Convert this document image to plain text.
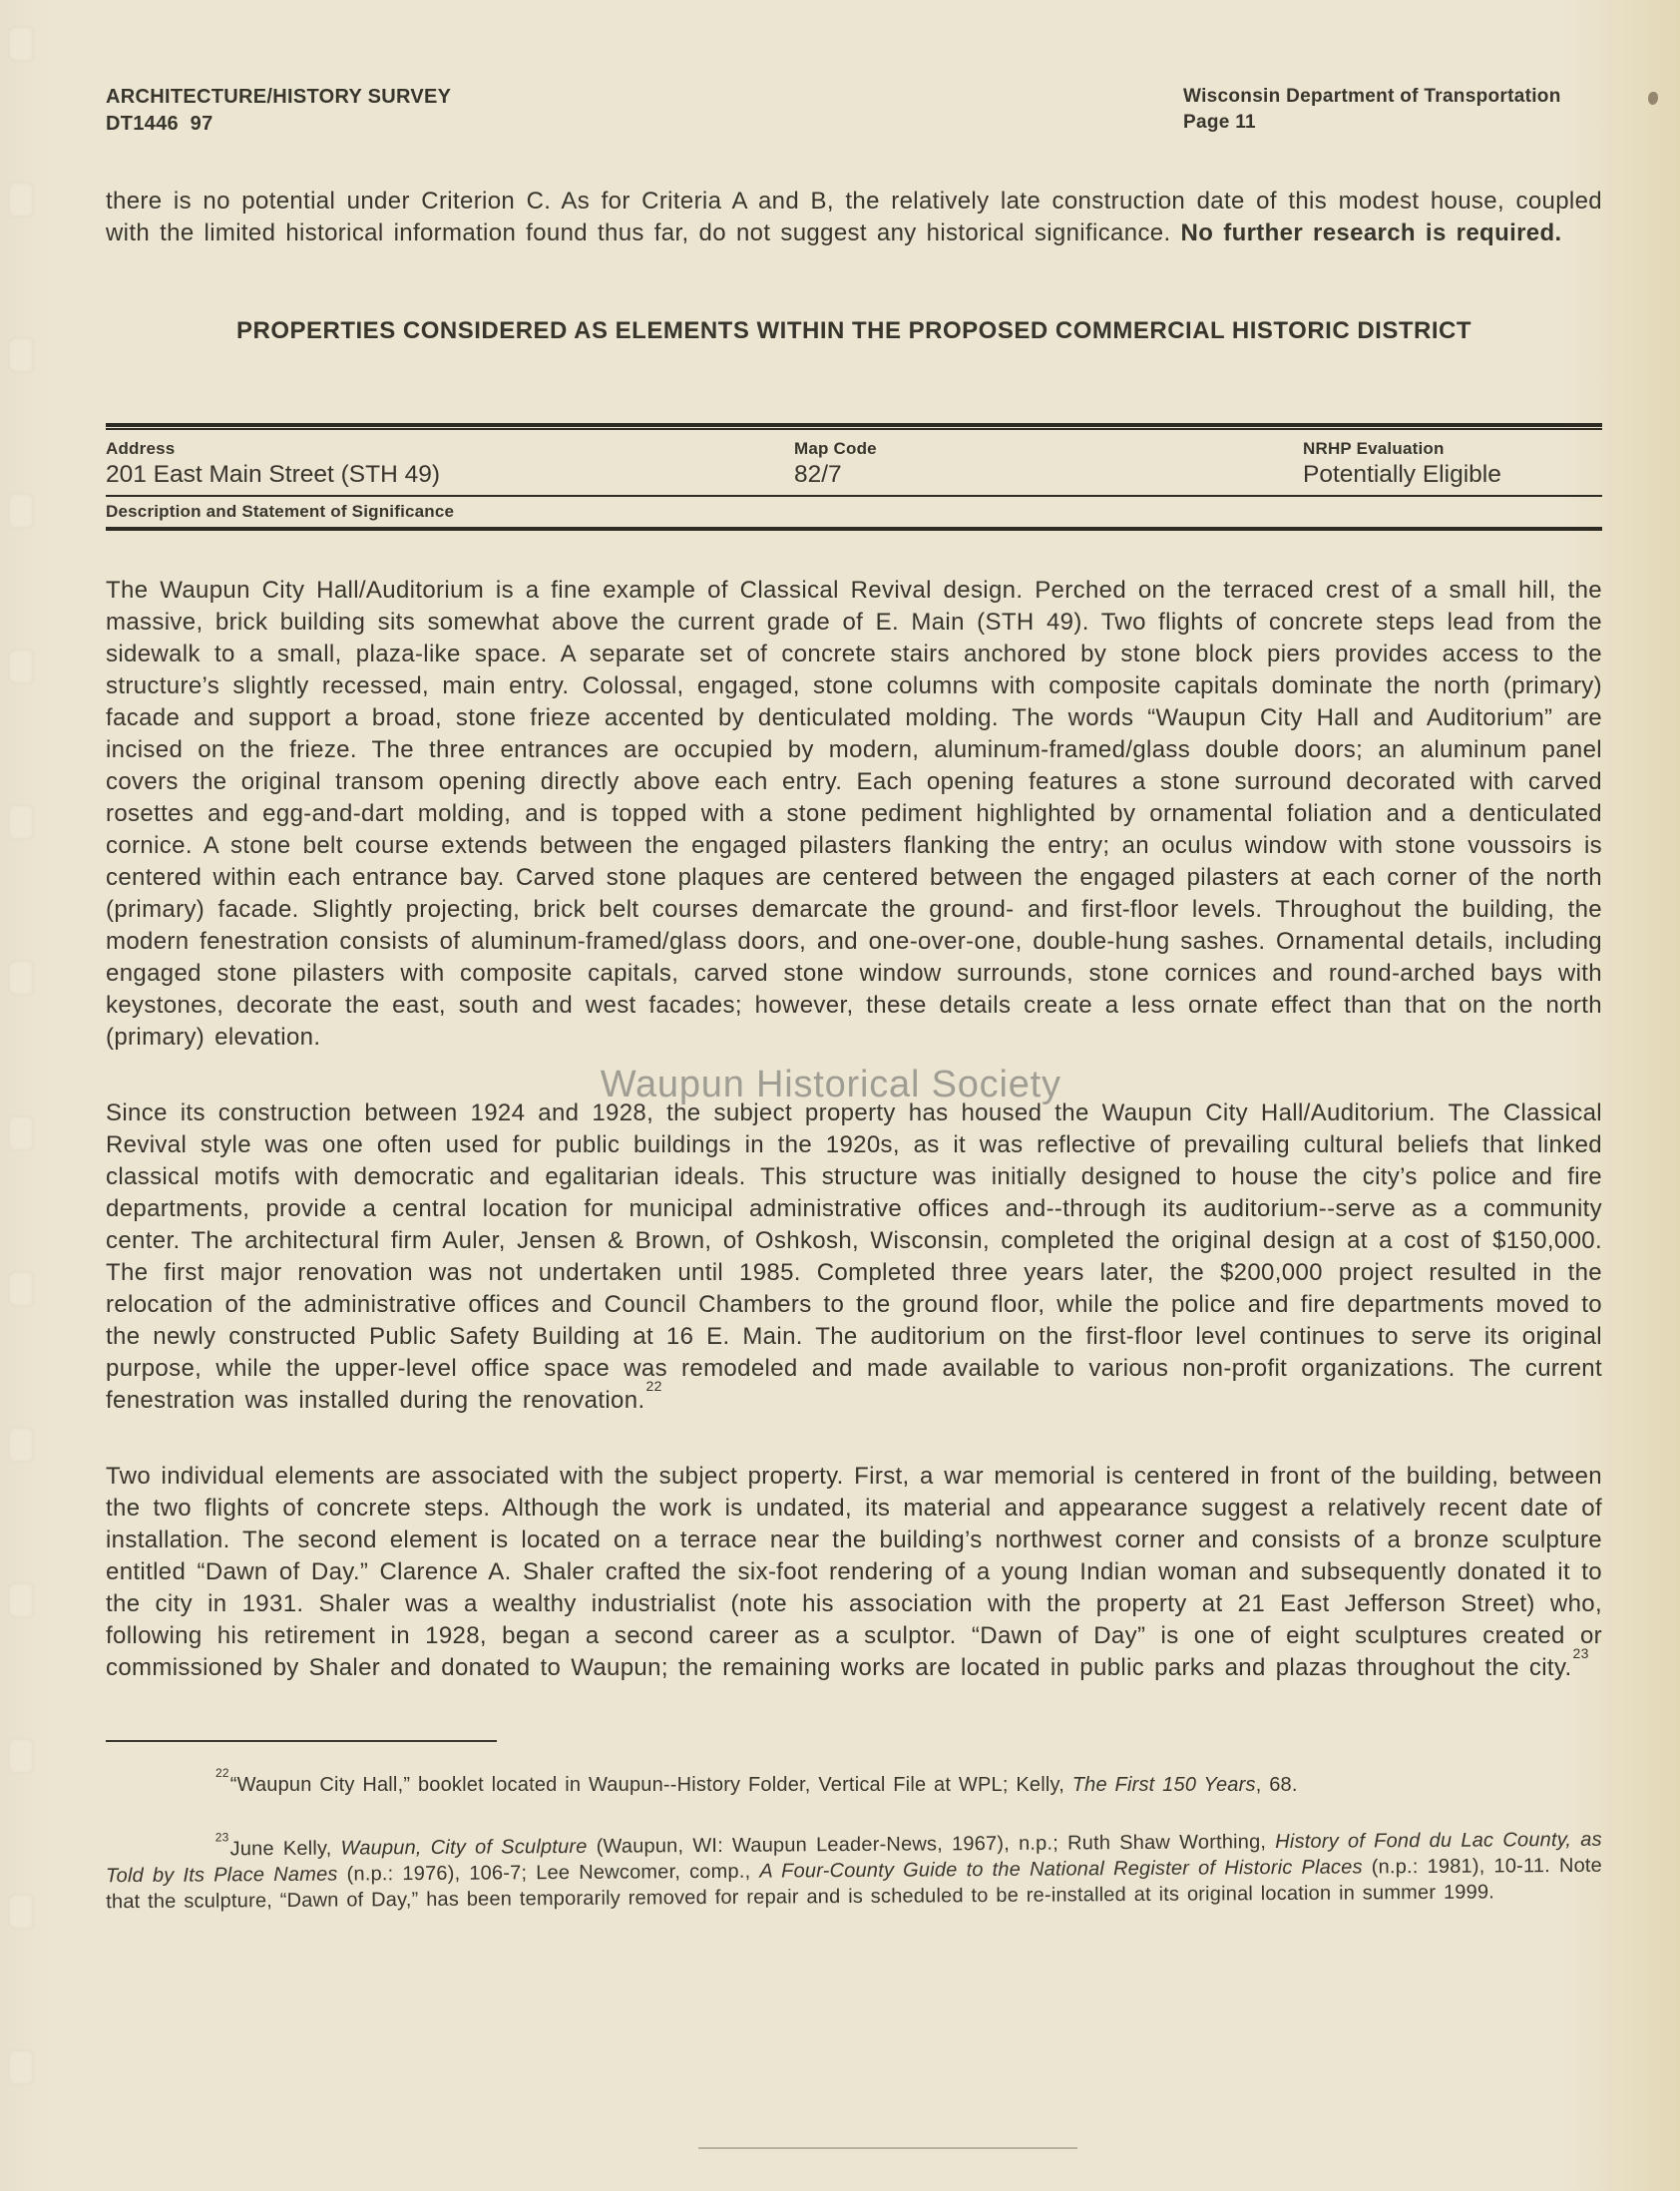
ARCHITECTURE/HISTORY SURVEY
DT1446  97
Wisconsin Department of Transportation
Page 11

there is no potential under Criterion C. As for Criteria A and B, the relatively late construction date of this modest house, coupled with the limited historical information found thus far, do not suggest any historical significance. No further research is required.

PROPERTIES CONSIDERED AS ELEMENTS WITHIN THE PROPOSED COMMERCIAL HISTORIC DISTRICT
Address
201 East Main Street (STH 49)
Map Code
82/7
NRHP Evaluation
Potentially Eligible
Description and Statement of Significance

The Waupun City Hall/Auditorium is a fine example of Classical Revival design. Perched on the terraced crest of a small hill, the massive, brick building sits somewhat above the current grade of E. Main (STH 49). Two flights of concrete steps lead from the sidewalk to a small, plaza-like space. A separate set of concrete stairs anchored by stone block piers provides access to the structure’s slightly recessed, main entry. Colossal, engaged, stone columns with composite capitals dominate the north (primary) facade and support a broad, stone frieze accented by denticulated molding. The words “Waupun City Hall and Auditorium” are incised on the frieze. The three entrances are occupied by modern, aluminum-framed/glass double doors; an aluminum panel covers the original transom opening directly above each entry. Each opening features a stone surround decorated with carved rosettes and egg-and-dart molding, and is topped with a stone pediment highlighted by ornamental foliation and a denticulated cornice. A stone belt course extends between the engaged pilasters flanking the entry; an oculus window with stone voussoirs is centered within each entrance bay. Carved stone plaques are centered between the engaged pilasters at each corner of the north (primary) facade. Slightly projecting, brick belt courses demarcate the ground- and first-floor levels. Throughout the building, the modern fenestration consists of aluminum-framed/glass doors, and one-over-one, double-hung sashes. Ornamental details, including engaged stone pilasters with composite capitals, carved stone window surrounds, stone cornices and round-arched bays with keystones, decorate the east, south and west facades; however, these details create a less ornate effect than that on the north (primary) elevation.

Since its construction between 1924 and 1928, the subject property has housed the Waupun City Hall/Auditorium. The Classical Revival style was one often used for public buildings in the 1920s, as it was reflective of prevailing cultural beliefs that linked classical motifs with democratic and egalitarian ideals. This structure was initially designed to house the city’s police and fire departments, provide a central location for municipal administrative offices and--through its auditorium--serve as a community center. The architectural firm Auler, Jensen & Brown, of Oshkosh, Wisconsin, completed the original design at a cost of $150,000. The first major renovation was not undertaken until 1985. Completed three years later, the $200,000 project resulted in the relocation of the administrative offices and Council Chambers to the ground floor, while the police and fire departments moved to the newly constructed Public Safety Building at 16 E. Main. The auditorium on the first-floor level continues to serve its original purpose, while the upper-level office space was remodeled and made available to various non-profit organizations. The current fenestration was installed during the renovation.$^{22}$

Two individual elements are associated with the subject property. First, a war memorial is centered in front of the building, between the two flights of concrete steps. Although the work is undated, its material and appearance suggest a relatively recent date of installation. The second element is located on a terrace near the building’s northwest corner and consists of a bronze sculpture entitled “Dawn of Day.” Clarence A. Shaler crafted the six-foot rendering of a young Indian woman and subsequently donated it to the city in 1931. Shaler was a wealthy industrialist (note his association with the property at 21 East Jefferson Street) who, following his retirement in 1928, began a second career as a sculptor. “Dawn of Day” is one of eight sculptures created or commissioned by Shaler and donated to Waupun; the remaining works are located in public parks and plazas throughout the city.$^{23}$

$^{22}$“Waupun City Hall,” booklet located in Waupun--History Folder, Vertical File at WPL; Kelly, The First 150 Years, 68.

$^{23}$June Kelly, Waupun, City of Sculpture (Waupun, WI: Waupun Leader-News, 1967), n.p.; Ruth Shaw Worthing, History of Fond du Lac County, as Told by Its Place Names (n.p.: 1976), 106-7; Lee Newcomer, comp., A Four-County Guide to the National Register of Historic Places (n.p.: 1981), 10-11. Note that the sculpture, “Dawn of Day,” has been temporarily removed for repair and is scheduled to be re-installed at its original location in summer 1999.

Waupun Historical Society
